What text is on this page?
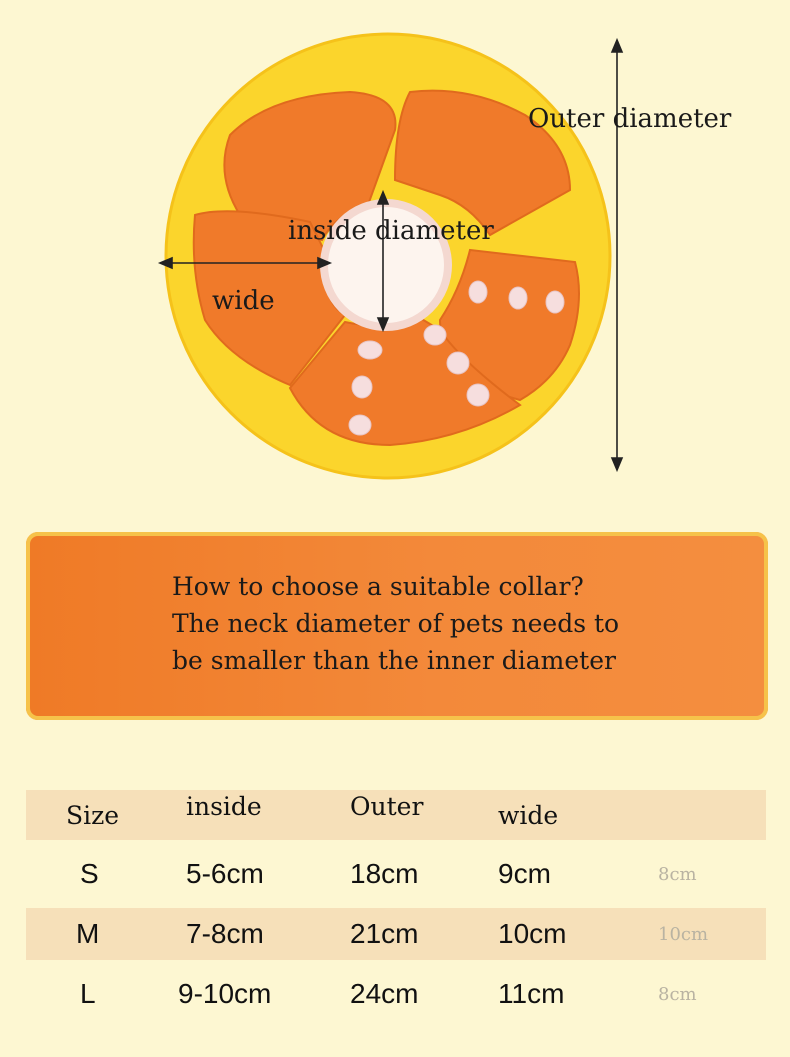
Outer diameter
inside diameter
wide
How to choose a suitable collar?
The neck diameter of pets needs to
be smaller than the inner diameter
Size	inside	Outer	wide
S	5-6cm	18cm	9cm	8cm
M	7-8cm	21cm	10cm	10cm
L	9-10cm	24cm	11cm	8cm
